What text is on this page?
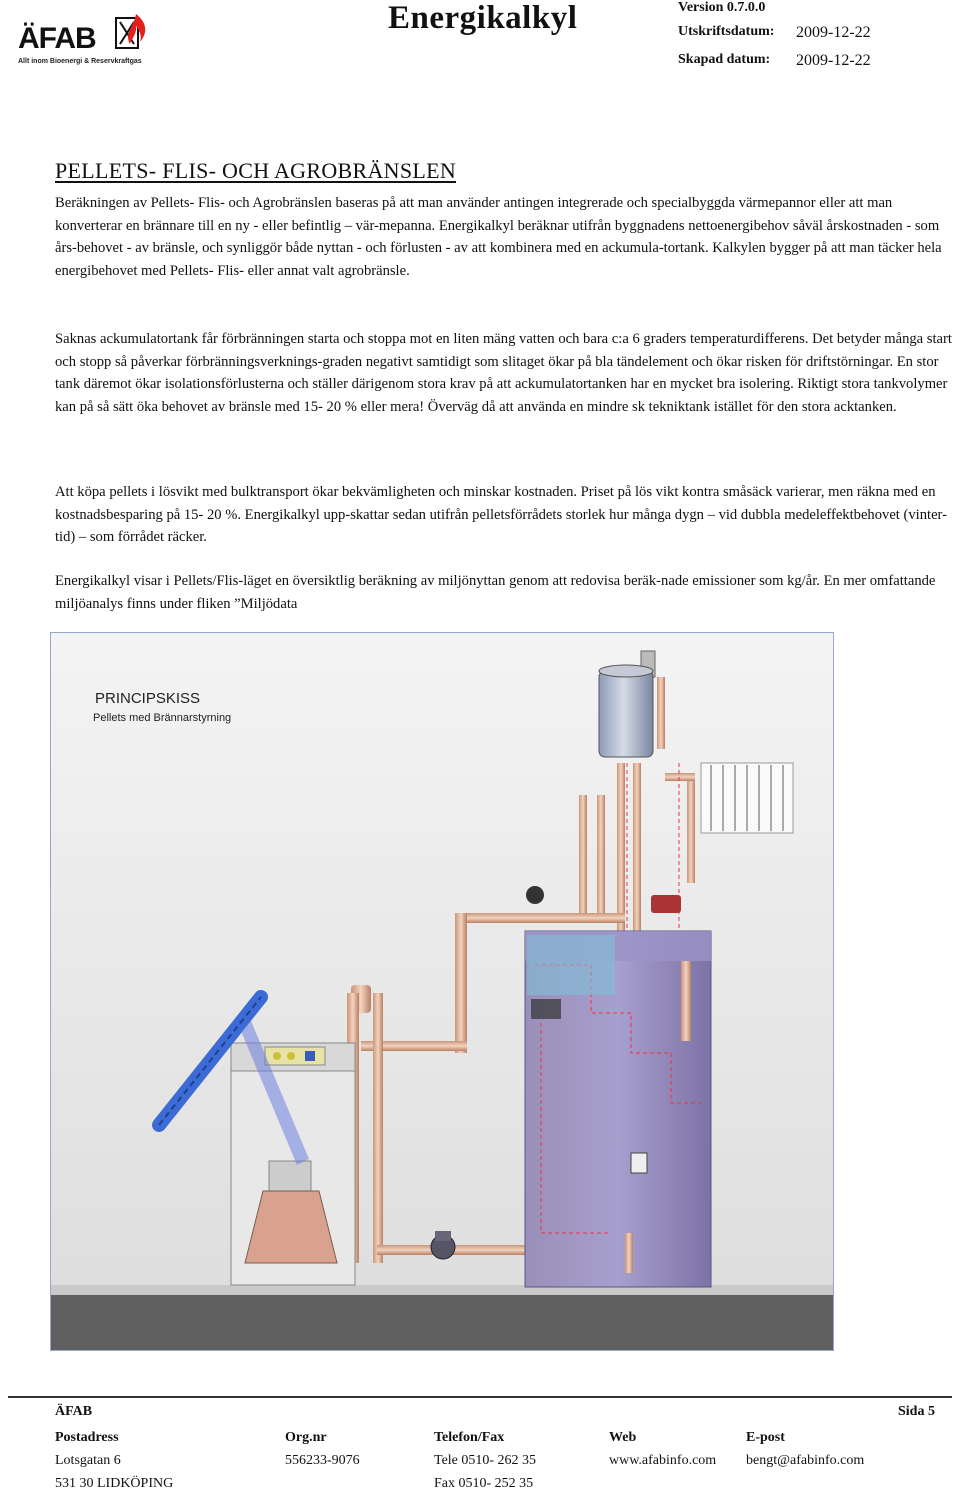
ÄFAB
Allt inom Bioenergi & Reservkraftgas
Energikalkyl	Version 0.7.0.0
Utskriftsdatum: 2009-12-22
Skapad datum: 2009-12-22
PELLETS- FLIS- OCH AGROBRÄNSLEN

Beräkningen av Pellets- Flis- och Agrobränslen baseras på att man använder antingen integrerade och specialbyggda värmepannor eller att man konverterar en brännare till en ny - eller befintlig – vär-mepanna. Energikalkyl beräknar utifrån byggnadens nettoenergibehov såväl årskostnaden - som års-behovet - av bränsle, och synliggör både nyttan - och förlusten - av att kombinera med en ackumula-tortank. Kalkylen bygger på att man täcker hela energibehovet med Pellets- Flis- eller annat valt agrobränsle.

Saknas ackumulatortank får förbränningen starta och stoppa mot en liten mäng vatten och bara c:a 6 graders temperaturdifferens. Det betyder många start och stopp så påverkar förbränningsverknings-graden negativt samtidigt som slitaget ökar på bla tändelement och ökar risken för driftstörningar. En stor tank däremot ökar isolationsförlusterna och ställer därigenom stora krav på att ackumulatortanken har en mycket bra isolering. Riktigt stora tankvolymer kan på så sätt öka behovet av bränsle med 15- 20 % eller mera! Överväg då att använda en mindre sk tekniktank istället för den stora acktanken.

Att köpa pellets i lösvikt med bulktransport ökar bekvämligheten och minskar kostnaden. Priset på lös vikt kontra småsäck varierar, men räkna med en kostnadsbesparing på 15- 20 %. Energikalkyl upp-skattar sedan utifrån pelletsförrådets storlek hur många dygn – vid dubbla medeleffektbehovet (vinter-tid) – som förrådet räcker.

Energikalkyl visar i Pellets/Flis-läget en översiktlig beräkning av miljönyttan genom att redovisa beräk-nade emissioner som kg/år. En mer omfattande miljöanalys finns under fliken ”Miljödata

PRINCIPSKISS
Pellets med Brännarstyrning
ÄFAB	Sida 5
Postadress
Lotsgatan 6
531 30 LIDKÖPING
Org.nr
556233-9076
Telefon/Fax
Tele 0510- 262 35
Fax 0510- 252 35
Web
www.afabinfo.com
E-post
bengt@afabinfo.com
